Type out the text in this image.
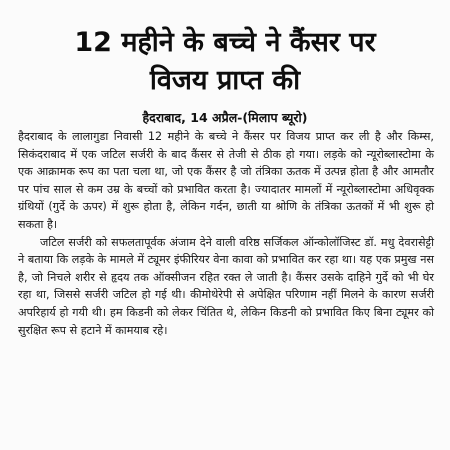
12 महीने के बच्चे ने कैंसर पर
विजय प्राप्त की
हैदराबाद, 14 अप्रैल-(मिलाप ब्यूरो)

हैदराबाद के लालागुडा निवासी 12 महीने के बच्चे ने कैंसर पर विजय प्राप्त कर ली है और किम्स, सिकंदराबाद में एक जटिल सर्जरी के बाद कैंसर से तेजी से ठीक हो गया। लड़के को न्यूरोब्लास्टोमा के एक आक्रामक रूप का पता चला था, जो एक कैंसर है जो तंत्रिका ऊतक में उत्पन्न होता है और आमतौर पर पांच साल से कम उम्र के बच्चों को प्रभावित करता है। ज्यादातर मामलों में न्यूरोब्लास्टोमा अधिवृक्क ग्रंथियों (गुर्दे के ऊपर) में शुरू होता है, लेकिन गर्दन, छाती या श्रोणि के तंत्रिका ऊतकों में भी शुरू हो सकता है।

जटिल सर्जरी को सफलतापूर्वक अंजाम देने वाली वरिष्ठ सर्जिकल ऑन्कोलॉजिस्ट डॉ. मधु देवरासेट्टी ने बताया कि लड़के के मामले में ट्यूमर इंफीरियर वेना कावा को प्रभावित कर रहा था। यह एक प्रमुख नस है, जो निचले शरीर से हृदय तक ऑक्सीजन रहित रक्त ले जाती है। कैंसर उसके दाहिने गुर्दे को भी घेर रहा था, जिससे सर्जरी जटिल हो गई थी। कीमोथेरेपी से अपेक्षित परिणाम नहीं मिलने के कारण सर्जरी अपरिहार्य हो गयी थी। हम किडनी को लेकर चिंतित थे, लेकिन किडनी को प्रभावित किए बिना ट्यूमर को सुरक्षित रूप से हटाने में कामयाब रहे।
